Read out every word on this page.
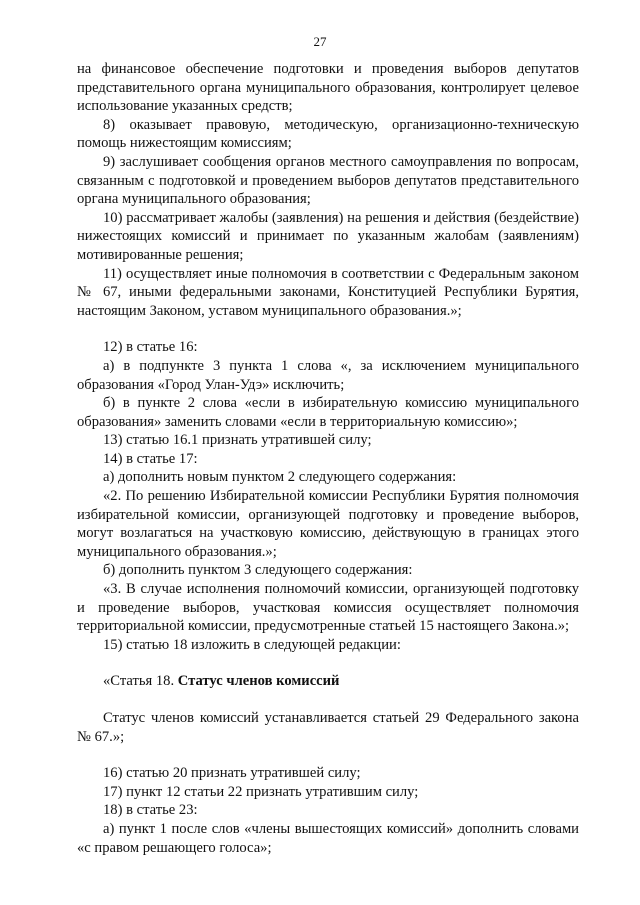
27

на финансовое обеспечение подготовки и проведения выборов депутатов представительного органа муниципального образования, контролирует целевое использование указанных средств;

8) оказывает правовую, методическую, организационно-техническую помощь нижестоящим комиссиям;

9) заслушивает сообщения органов местного самоуправления по вопросам, связанным с подготовкой и проведением выборов депутатов представительного органа муниципального образования;

10) рассматривает жалобы (заявления) на решения и действия (бездействие) нижестоящих комиссий и принимает по указанным жалобам (заявлениям) мотивированные решения;

11) осуществляет иные полномочия в соответствии с Федеральным законом № 67, иными федеральными законами, Конституцией Республики Бурятия, настоящим Законом, уставом муниципального образования.»;

12) в статье 16:

а) в подпункте 3 пункта 1 слова «, за исключением муниципального образования «Город Улан-Удэ» исключить;

б) в пункте 2 слова «если в избирательную комиссию муниципального образования» заменить словами «если в территориальную комиссию»;

13) статью 16.1 признать утратившей силу;

14) в статье 17:

а) дополнить новым пунктом 2 следующего содержания:

«2. По решению Избирательной комиссии Республики Бурятия полномочия избирательной комиссии, организующей подготовку и проведение выборов, могут возлагаться на участковую комиссию, действующую в границах этого муниципального образования.»;

б) дополнить пунктом 3 следующего содержания:

«3. В случае исполнения полномочий комиссии, организующей подготовку и проведение выборов, участковая комиссия осуществляет полномочия территориальной комиссии, предусмотренные статьей 15 настоящего Закона.»;

15) статью 18 изложить в следующей редакции:

«Статья 18. Статус членов комиссий

Статус членов комиссий устанавливается статьей 29 Федерального закона № 67.»;

16) статью 20 признать утратившей силу;

17) пункт 12 статьи 22 признать утратившим силу;

18) в статье 23:

а) пункт 1 после слов «члены вышестоящих комиссий» дополнить словами «с правом решающего голоса»;
